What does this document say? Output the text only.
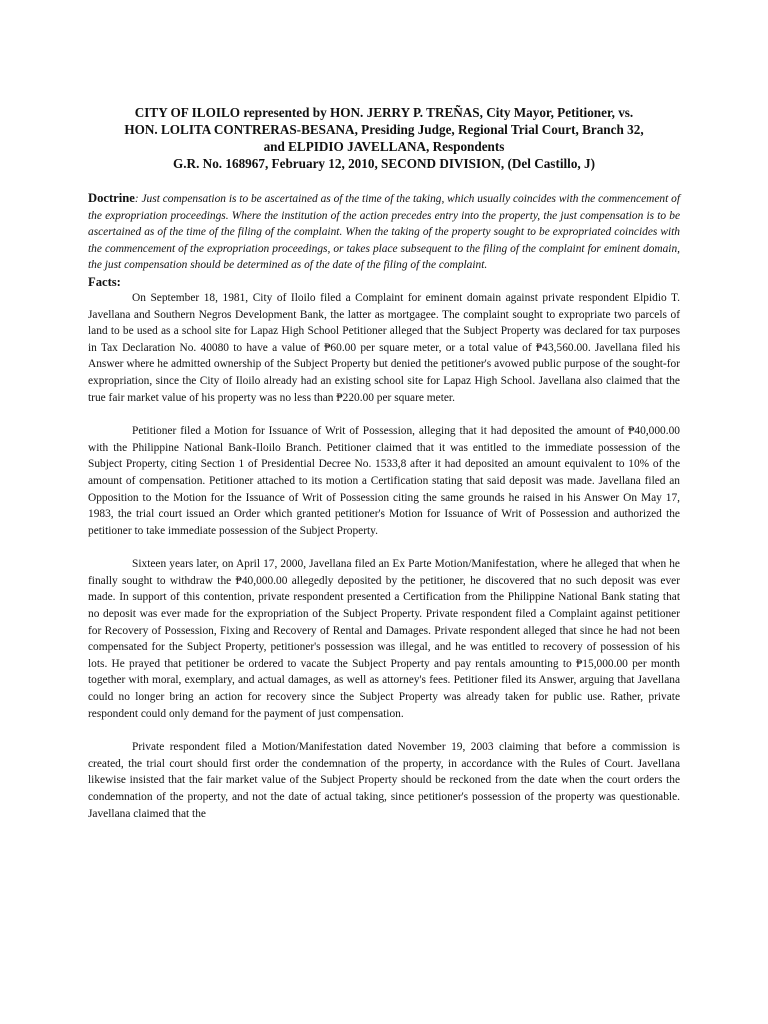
CITY OF ILOILO represented by HON. JERRY P. TREÑAS, City Mayor, Petitioner, vs.
HON. LOLITA CONTRERAS-BESANA, Presiding Judge, Regional Trial Court, Branch 32,
and ELPIDIO JAVELLANA, Respondents
G.R. No. 168967, February 12, 2010, SECOND DIVISION, (Del Castillo, J)
Doctrine: Just compensation is to be ascertained as of the time of the taking, which usually coincides with the commencement of the expropriation proceedings. Where the institution of the action precedes entry into the property, the just compensation is to be ascertained as of the time of the filing of the complaint. When the taking of the property sought to be expropriated coincides with the commencement of the expropriation proceedings, or takes place subsequent to the filing of the complaint for eminent domain, the just compensation should be determined as of the date of the filing of the complaint.
Facts:

On September 18, 1981, City of Iloilo filed a Complaint for eminent domain against private respondent Elpidio T. Javellana and Southern Negros Development Bank, the latter as mortgagee. The complaint sought to expropriate two parcels of land to be used as a school site for Lapaz High School Petitioner alleged that the Subject Property was declared for tax purposes in Tax Declaration No. 40080 to have a value of ₱60.00 per square meter, or a total value of ₱43,560.00. Javellana filed his Answer where he admitted ownership of the Subject Property but denied the petitioner's avowed public purpose of the sought-for expropriation, since the City of Iloilo already had an existing school site for Lapaz High School. Javellana also claimed that the true fair market value of his property was no less than ₱220.00 per square meter.

Petitioner filed a Motion for Issuance of Writ of Possession, alleging that it had deposited the amount of ₱40,000.00 with the Philippine National Bank-Iloilo Branch. Petitioner claimed that it was entitled to the immediate possession of the Subject Property, citing Section 1 of Presidential Decree No. 1533,8 after it had deposited an amount equivalent to 10% of the amount of compensation. Petitioner attached to its motion a Certification stating that said deposit was made. Javellana filed an Opposition to the Motion for the Issuance of Writ of Possession citing the same grounds he raised in his Answer On May 17, 1983, the trial court issued an Order which granted petitioner's Motion for Issuance of Writ of Possession and authorized the petitioner to take immediate possession of the Subject Property.

Sixteen years later, on April 17, 2000, Javellana filed an Ex Parte Motion/Manifestation, where he alleged that when he finally sought to withdraw the ₱40,000.00 allegedly deposited by the petitioner, he discovered that no such deposit was ever made. In support of this contention, private respondent presented a Certification from the Philippine National Bank stating that no deposit was ever made for the expropriation of the Subject Property. Private respondent filed a Complaint against petitioner for Recovery of Possession, Fixing and Recovery of Rental and Damages. Private respondent alleged that since he had not been compensated for the Subject Property, petitioner's possession was illegal, and he was entitled to recovery of possession of his lots. He prayed that petitioner be ordered to vacate the Subject Property and pay rentals amounting to ₱15,000.00 per month together with moral, exemplary, and actual damages, as well as attorney's fees. Petitioner filed its Answer, arguing that Javellana could no longer bring an action for recovery since the Subject Property was already taken for public use. Rather, private respondent could only demand for the payment of just compensation.

Private respondent filed a Motion/Manifestation dated November 19, 2003 claiming that before a commission is created, the trial court should first order the condemnation of the property, in accordance with the Rules of Court. Javellana likewise insisted that the fair market value of the Subject Property should be reckoned from the date when the court orders the condemnation of the property, and not the date of actual taking, since petitioner's possession of the property was questionable. Javellana claimed that the
